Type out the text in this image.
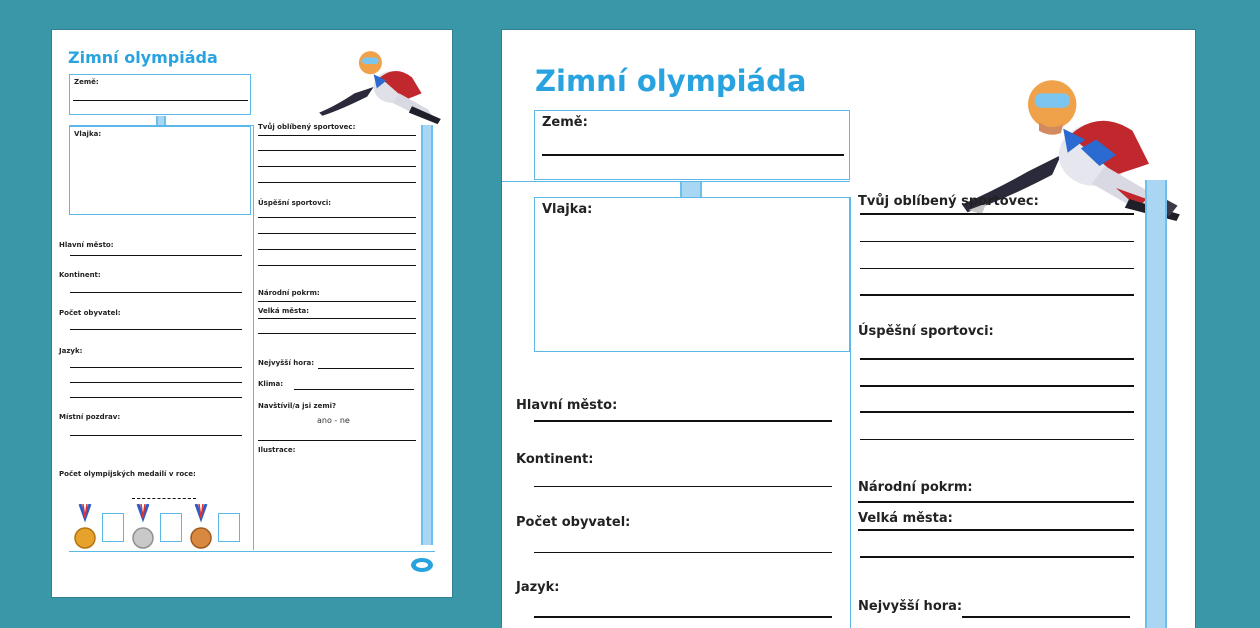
Zimní olympiáda
Země:
Vlajka:
Hlavní město:
Kontinent:
Počet obyvatel:
Jazyk:
Místní pozdrav:
Počet olympijských medailí v roce:
Tvůj oblíbený sportovec:
Úspěšní sportovci:
Národní pokrm:
Velká města:
Nejvyšší hora:
Klima:
Navštívil/a jsi zemi?
ano - ne
Ilustrace:
Zimní olympiáda
Země:
Vlajka:
Hlavní město:
Kontinent:
Počet obyvatel:
Jazyk:
Tvůj oblíbený sportovec:
Úspěšní sportovci:
Národní pokrm:
Velká města:
Nejvyšší hora:
